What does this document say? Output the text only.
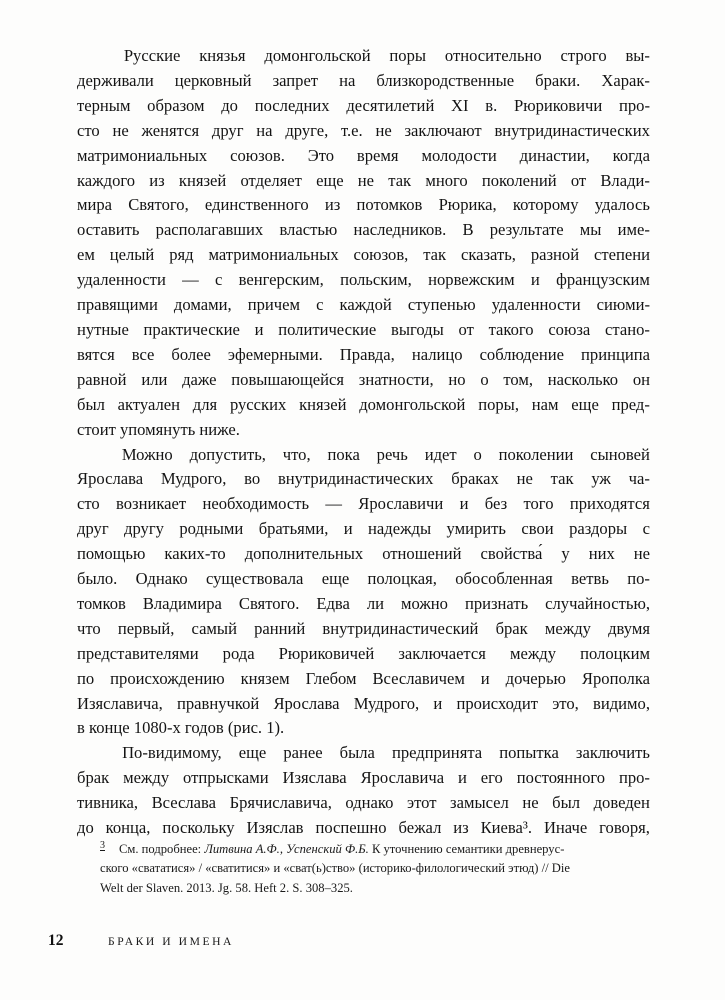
Русские князья домонгольской поры относительно строго вы-
держивали церковный запрет на близкородственные браки. Харак-
терным образом до последних десятилетий XI в. Рюриковичи про-
сто не женятся друг на друге, т.е. не заключают внутридинастических
матримониальных союзов. Это время молодости династии, когда
каждого из князей отделяет еще не так много поколений от Влади-
мира Святого, единственного из потомков Рюрика, которому удалось
оставить располагавших властью наследников. В результате мы име-
ем целый ряд матримониальных союзов, так сказать, разной степени
удаленности — с венгерским, польским, норвежским и французским
правящими домами, причем с каждой ступенью удаленности сиюми-
нутные практические и политические выгоды от такого союза стано-
вятся все более эфемерными. Правда, налицо соблюдение принципа
равной или даже повышающейся знатности, но о том, насколько он
был актуален для русских князей домонгольской поры, нам еще пред-
стоит упомянуть ниже.
Можно допустить, что, пока речь идет о поколении сыновей
Ярослава Мудрого, во внутридинастических браках не так уж ча-
сто возникает необходимость — Ярославичи и без того приходятся
друг другу родными братьями, и надежды умирить свои раздоры с
помощью каких-то дополнительных отношений свойства́ у них не
было. Однако существовала еще полоцкая, обособленная ветвь по-
томков Владимира Святого. Едва ли можно признать случайностью,
что первый, самый ранний внутридинастический брак между двумя
представителями рода Рюриковичей заключается между полоцким
по происхождению князем Глебом Всеславичем и дочерью Ярополка
Изяславича, правнучкой Ярослава Мудрого, и происходит это, видимо,
в конце 1080-х годов (рис. 1).
По-видимому, еще ранее была предпринята попытка заключить
брак между отпрысками Изяслава Ярославича и его постоянного про-
тивника, Всеслава Брячиславича, однако этот замысел не был доведен
до конца, поскольку Изяслав поспешно бежал из Киева³. Иначе говоря,
$^3$ См. подробнее: Литвина А.Ф., Успенский Ф.Б. К уточнению семантики древнерус-
ского «свататися» / «сватитися» и «сват(ь)ство» (историко-филологический этюд) // Die
Welt der Slaven. 2013. Jg. 58. Heft 2. S. 308–325.
12	БРАКИ И ИМЕНА
